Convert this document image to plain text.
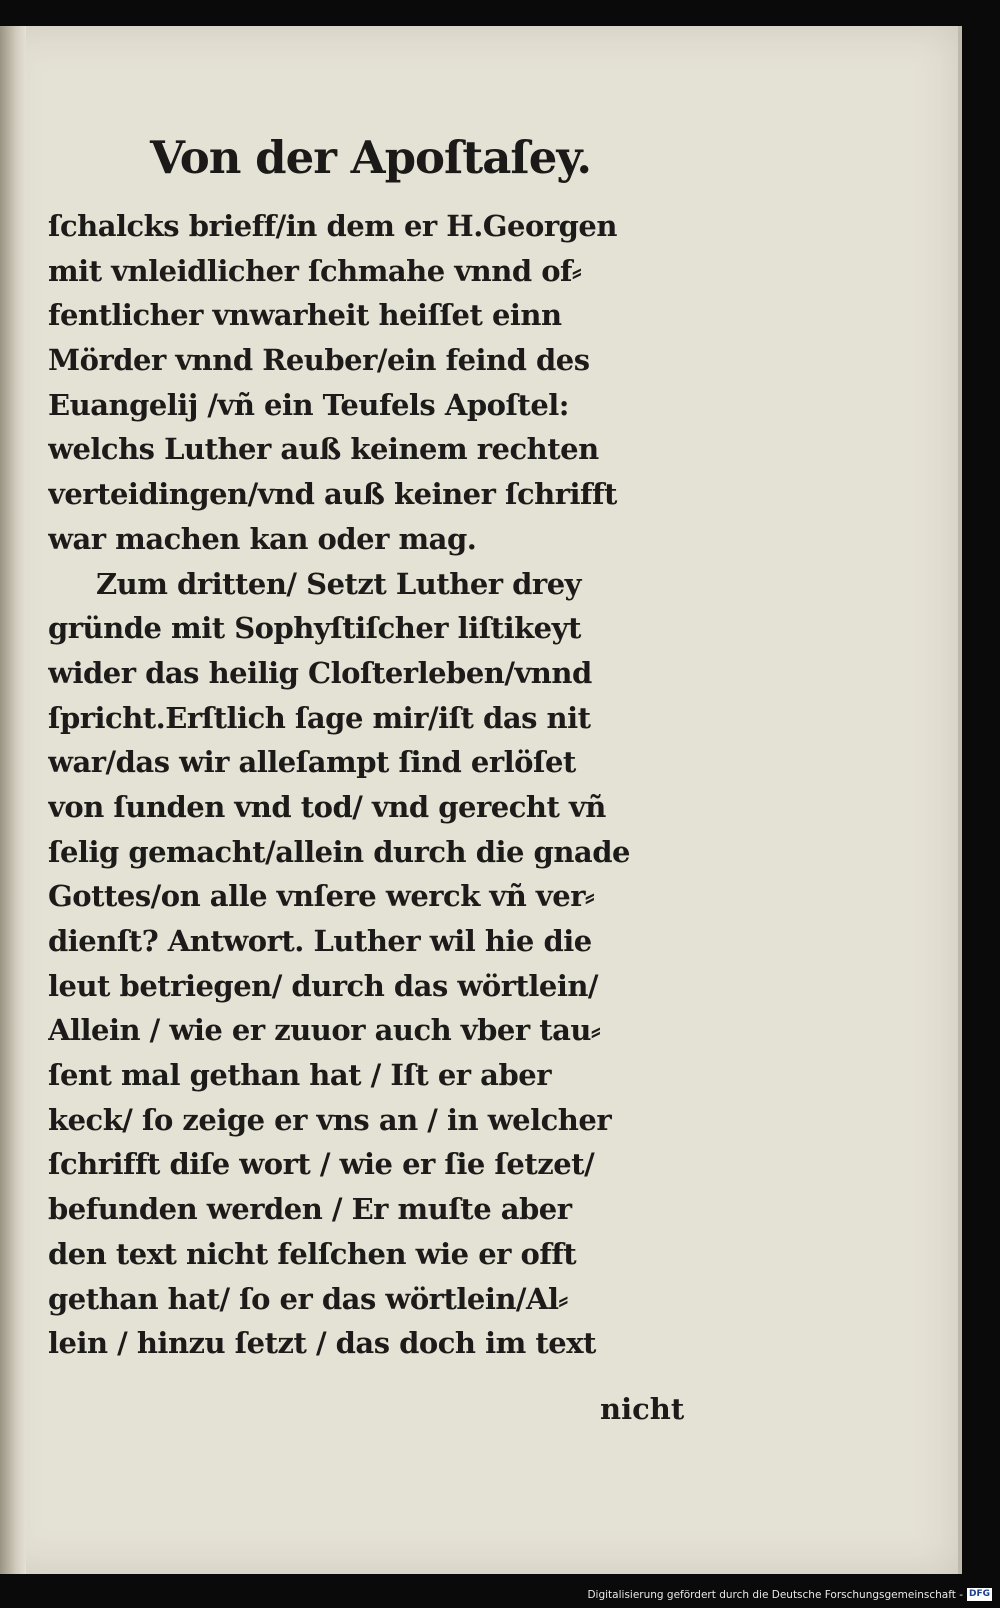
Von der Apoſtaſey.
ſchalcks brieff/in dem er H.Georgen
mit vnleidlicher ſchmahe vnnd of⸗
fentlicher vnwarheit heiſſet einn
Mörder vnnd Reuber/ein feind des
Euangelij /vñ ein Teufels Apoſtel:
welchs Luther auß keinem rechten
verteidingen/vnd auß keiner ſchrifft
war machen kan oder mag.
Zum dritten/ Setzt Luther drey
gründe mit Sophyſtiſcher liſtikeyt
wider das heilig Cloſterleben/vnnd
ſpricht.Erſtlich ſage mir/iſt das nit
war/das wir alleſampt ſind erlöſet
von ſunden vnd tod/ vnd gerecht vñ
ſelig gemacht/allein durch die gnade
Gottes/on alle vnſere werck vñ ver⸗
dienſt? Antwort. Luther wil hie die
leut betriegen/ durch das wörtlein/
Allein / wie er zuuor auch vber tau⸗
ſent mal gethan hat / Iſt er aber
keck/ ſo zeige er vns an / in welcher
ſchrifft diſe wort / wie er ſie ſetzet/
befunden werden / Er muſte aber
den text nicht felſchen wie er offt
gethan hat/ ſo er das wörtlein/Al⸗
lein / hinzu ſetzt / das doch im text
nicht
Digitalisierung gefördert durch die Deutsche Forschungsgemeinschaft - DFG
